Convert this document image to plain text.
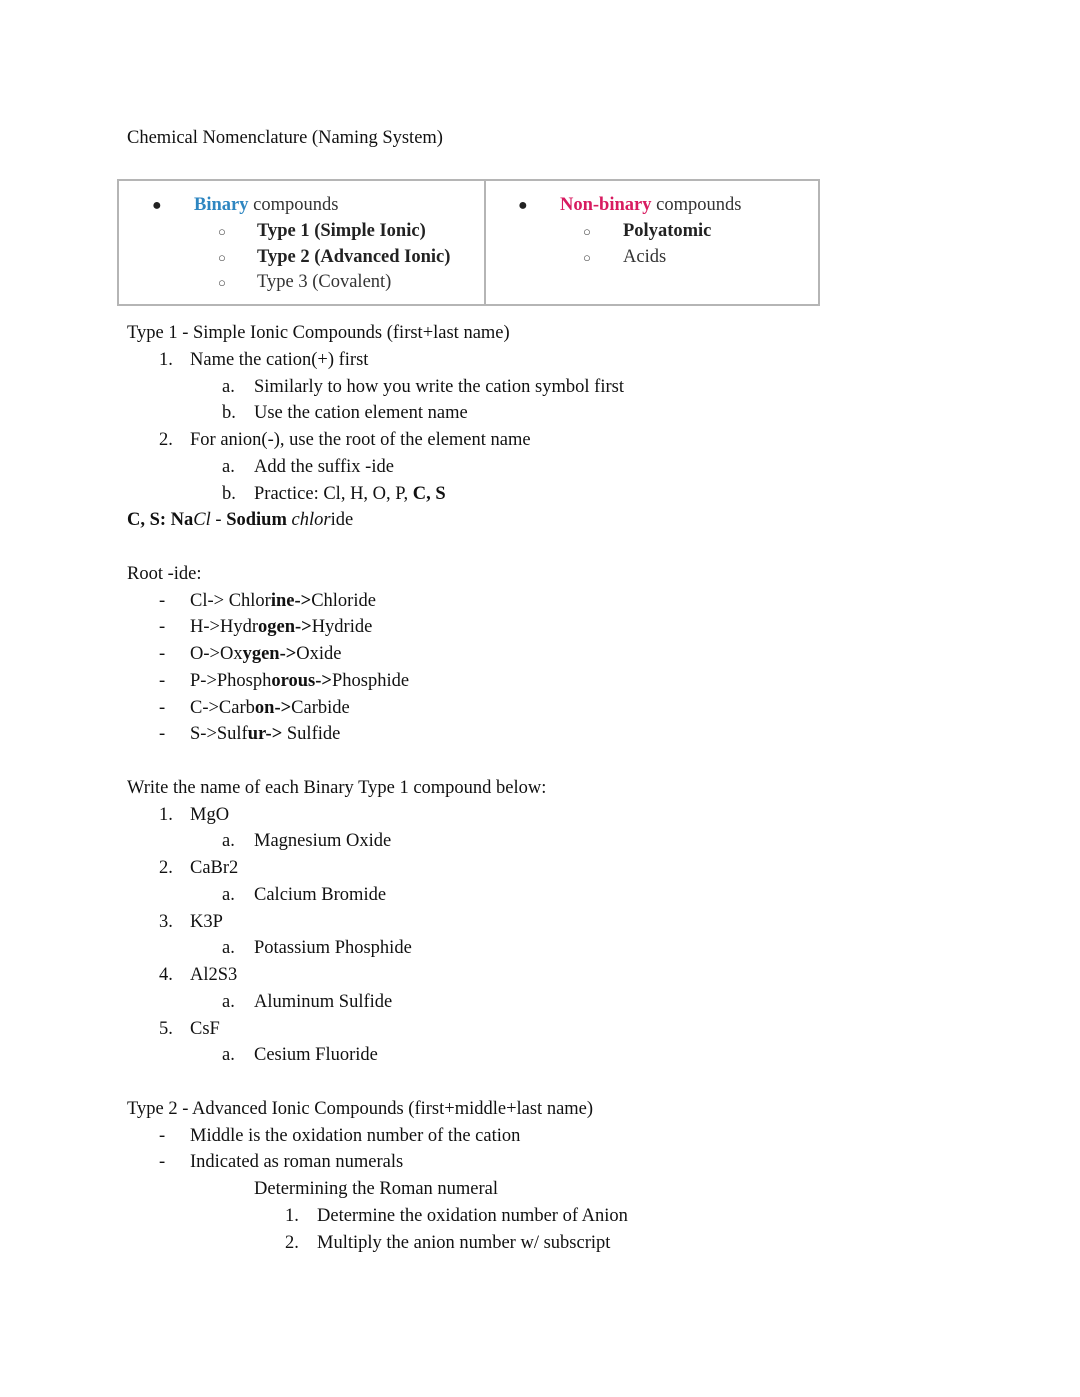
Chemical Nomenclature (Naming System)
● Binary compounds
○ Type 1 (Simple Ionic)
○ Type 2 (Advanced Ionic)
○ Type 3 (Covalent)
● Non-binary compounds
○ Polyatomic
○ Acids
Type 1 - Simple Ionic Compounds (first+last name)
1. Name the cation(+) first
a. Similarly to how you write the cation symbol first
b. Use the cation element name
2. For anion(-), use the root of the element name
a. Add the suffix -ide
b. Practice: Cl, H, O, P, C, S
C, S: NaCl - Sodium chloride
Root -ide:
- Cl-> Chlorine->Chloride
- H->Hydrogen->Hydride
- O->Oxygen->Oxide
- P->Phosphorous->Phosphide
- C->Carbon->Carbide
- S->Sulfur-> Sulfide
Write the name of each Binary Type 1 compound below:
1. MgO
a. Magnesium Oxide
2. CaBr2
a. Calcium Bromide
3. K3P
a. Potassium Phosphide
4. Al2S3
a. Aluminum Sulfide
5. CsF
a. Cesium Fluoride
Type 2 - Advanced Ionic Compounds (first+middle+last name)
- Middle is the oxidation number of the cation
- Indicated as roman numerals
Determining the Roman numeral
1. Determine the oxidation number of Anion
2. Multiply the anion number w/ subscript
